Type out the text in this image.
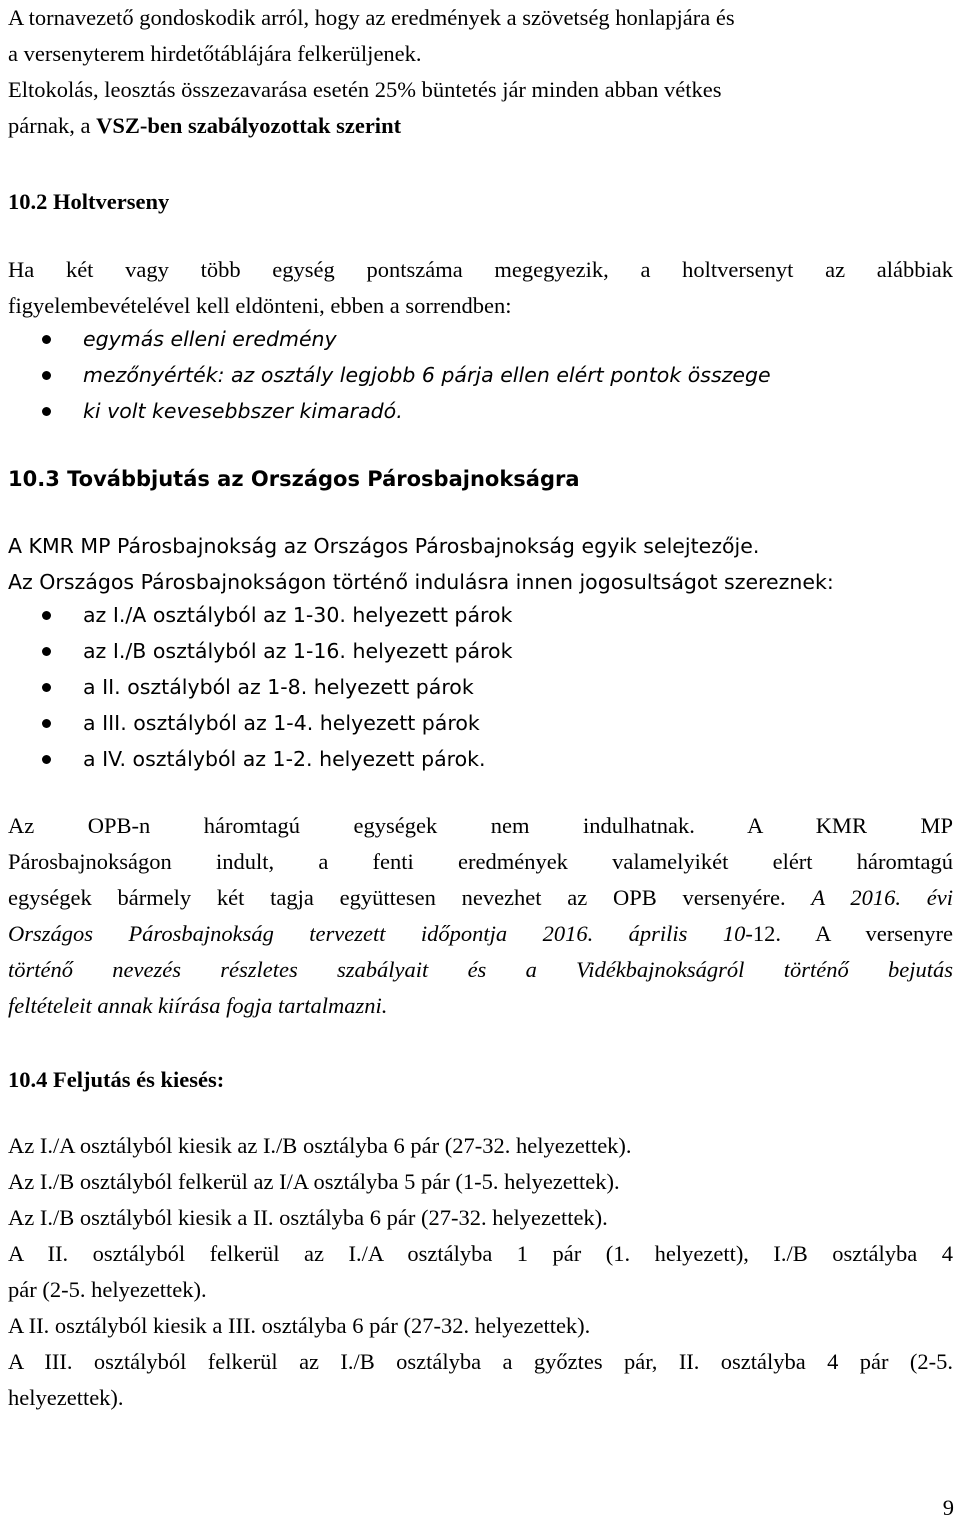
A tornavezető gondoskodik arról, hogy az eredmények a szövetség honlapjára és
a versenyterem hirdetőtáblájára felkerüljenek.
Eltokolás, leosztás összezavarása esetén 25% büntetés jár minden abban vétkes
párnak, a VSZ-ben szabályozottak szerint
10.2 Holtverseny
Ha két vagy több egység pontszáma megegyezik, a holtversenyt az alábbiak
figyelembevételével kell eldönteni, ebben a sorrendben:
egymás elleni eredmény
mezőnyérték: az osztály legjobb 6 párja ellen elért pontok összege
ki volt kevesebbszer kimaradó.
10.3 Továbbjutás az Országos Párosbajnokságra
A KMR MP Párosbajnokság az Országos Párosbajnokság egyik selejtezője.
Az Országos Párosbajnokságon történő indulásra innen jogosultságot szereznek:
az I./A osztályból az 1-30. helyezett párok
az I./B osztályból az 1-16. helyezett párok
a II. osztályból az 1-8. helyezett párok
a III. osztályból az 1-4. helyezett párok
a IV. osztályból az 1-2. helyezett párok.
Az OPB-n háromtagú egységek nem indulhatnak. A KMR MP
Párosbajnokságon indult, a fenti eredmények valamelyikét elért háromtagú
egységek bármely két tagja együttesen nevezhet az OPB versenyére. A 2016. évi
Országos Párosbajnokság tervezett időpontja 2016. április 10-12. A versenyre
történő nevezés részletes szabályait és a Vidékbajnokságról történő bejutás
feltételeit annak kiírása fogja tartalmazni.
10.4 Feljutás és kiesés:
Az I./A osztályból kiesik az I./B osztályba 6 pár (27-32. helyezettek).
Az I./B osztályból felkerül az I/A osztályba 5 pár (1-5. helyezettek).
Az I./B osztályból kiesik a II. osztályba 6 pár (27-32. helyezettek).
A II. osztályból felkerül az I./A osztályba 1 pár (1. helyezett), I./B osztályba 4
pár (2-5. helyezettek).
A II. osztályból kiesik a III. osztályba 6 pár (27-32. helyezettek).
A III. osztályból felkerül az I./B osztályba a győztes pár, II. osztályba 4 pár (2-5.
helyezettek).
9
